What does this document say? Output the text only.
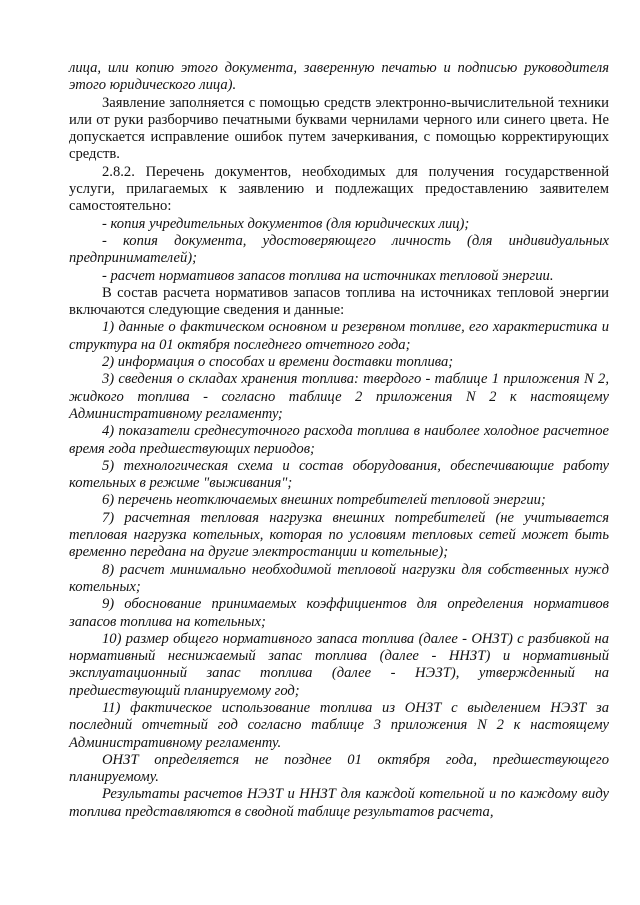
лица, или копию этого документа, заверенную печатью и подписью руководителя этого юридического лица).

Заявление заполняется с помощью средств электронно-вычислительной техники или от руки разборчиво печатными буквами чернилами черного или синего цвета. Не допускается исправление ошибок путем зачеркивания, с помощью корректирующих средств.

2.8.2. Перечень документов, необходимых для получения государственной услуги, прилагаемых к заявлению и подлежащих предоставлению заявителем самостоятельно:

- копия учредительных документов (для юридических лиц);

- копия документа, удостоверяющего личность (для индивидуальных предпринимателей);

- расчет нормативов запасов топлива на источниках тепловой энергии.

В состав расчета нормативов запасов топлива на источниках тепловой энергии включаются следующие сведения и данные:

1) данные о фактическом основном и резервном топливе, его характеристика и структура на 01 октября последнего отчетного года;

2) информация о способах и времени доставки топлива;

3) сведения о складах хранения топлива: твердого - таблице 1 приложения N 2, жидкого топлива - согласно таблице 2 приложения N 2 к настоящему Административному регламенту;

4) показатели среднесуточного расхода топлива в наиболее холодное расчетное время года предшествующих периодов;

5) технологическая схема и состав оборудования, обеспечивающие работу котельных в режиме "выживания";

6) перечень неотключаемых внешних потребителей тепловой энергии;

7) расчетная тепловая нагрузка внешних потребителей (не учитывается тепловая нагрузка котельных, которая по условиям тепловых сетей может быть временно передана на другие электростанции и котельные);

8) расчет минимально необходимой тепловой нагрузки для собственных нужд котельных;

9) обоснование принимаемых коэффициентов для определения нормативов запасов топлива на котельных;

10) размер общего нормативного запаса топлива (далее - ОНЗТ) с разбивкой на нормативный неснижаемый запас топлива (далее - ННЗТ) и нормативный эксплуатационный запас топлива (далее - НЭЗТ), утвержденный на предшествующий планируемому год;

11) фактическое использование топлива из ОНЗТ с выделением НЭЗТ за последний отчетный год согласно таблице 3 приложения N 2 к настоящему Административному регламенту.

ОНЗТ определяется не позднее 01 октября года, предшествующего планируемому.

Результаты расчетов НЭЗТ и ННЗТ для каждой котельной и по каждому виду топлива представляются в сводной таблице результатов расчета,
